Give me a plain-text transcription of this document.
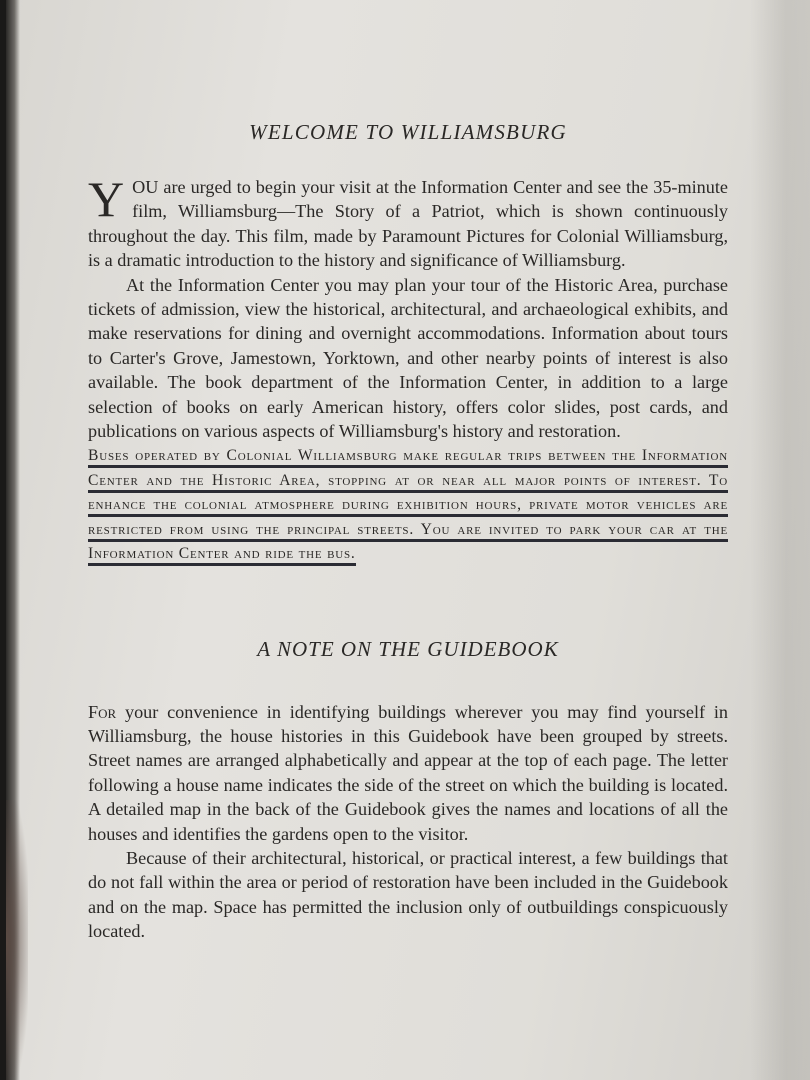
WELCOME TO WILLIAMSBURG

YOU are urged to begin your visit at the Information Center and see the 35-minute film, Williamsburg—The Story of a Patriot, which is shown continuously throughout the day. This film, made by Paramount Pictures for Colonial Williamsburg, is a dramatic introduction to the history and significance of Williamsburg.

At the Information Center you may plan your tour of the Historic Area, purchase tickets of admission, view the historical, architectural, and archaeological exhibits, and make reservations for dining and overnight accommodations. Information about tours to Carter's Grove, Jamestown, Yorktown, and other nearby points of interest is also available. The book department of the Information Center, in addition to a large selection of books on early American history, offers color slides, post cards, and publications on various aspects of Williamsburg's history and restoration.

Buses operated by Colonial Williamsburg make regular trips between the Information Center and the Historic Area, stopping at or near all major points of interest. To enhance the colonial atmosphere during exhibition hours, private motor vehicles are restricted from using the principal streets. You are invited to park your car at the Information Center and ride the bus.

A NOTE ON THE GUIDEBOOK

For your convenience in identifying buildings wherever you may find yourself in Williamsburg, the house histories in this Guidebook have been grouped by streets. Street names are arranged alphabetically and appear at the top of each page. The letter following a house name indicates the side of the street on which the building is located. A detailed map in the back of the Guidebook gives the names and locations of all the houses and identifies the gardens open to the visitor.

Because of their architectural, historical, or practical interest, a few buildings that do not fall within the area or period of restoration have been included in the Guidebook and on the map. Space has permitted the inclusion only of outbuildings conspicuously located.
